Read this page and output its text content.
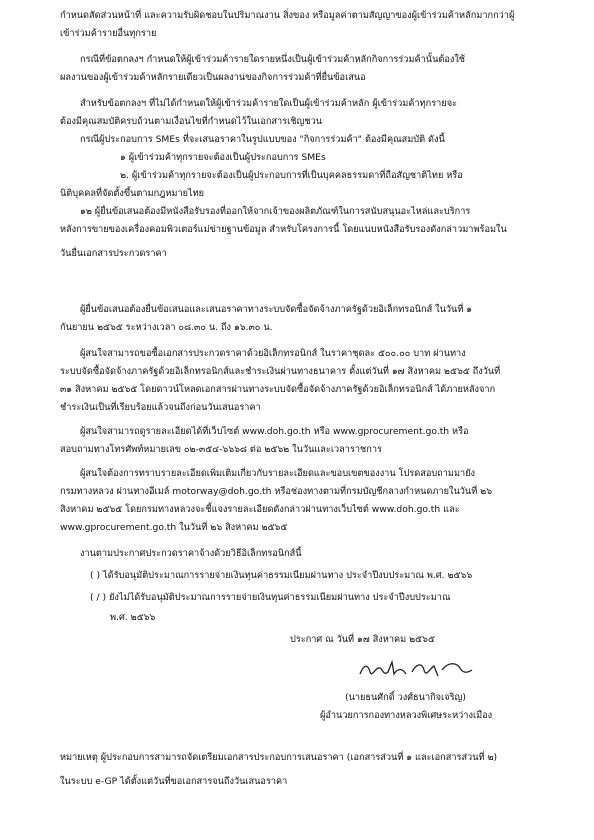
กำหนดสัดส่วนหน้าที่ และความรับผิดชอบในปริมาณงาน สิ่งของ หรือมูลค่าตามสัญญาของผู้เข้าร่วมค้าหลักมากกว่าผู้
เข้าร่วมค้ารายอื่นทุกราย
กรณีที่ข้อตกลงฯ กำหนดให้ผู้เข้าร่วมค้ารายใดรายหนึ่งเป็นผู้เข้าร่วมค้าหลักกิจการร่วมค้านั้นต้องใช้
ผลงานของผู้เข้าร่วมค้าหลักรายเดียวเป็นผลงานของกิจการร่วมค้าที่ยื่นข้อเสนอ
สำหรับข้อตกลงฯ ที่ไม่ได้กำหนดให้ผู้เข้าร่วมค้ารายใดเป็นผู้เข้าร่วมค้าหลัก ผู้เข้าร่วมค้าทุกรายจะ
ต้องมีคุณสมบัติครบถ้วนตามเงื่อนไขที่กำหนดไว้ในเอกสารเชิญชวน
กรณีผู้ประกอบการ SMEs ที่จะเสนอราคาในรูปแบบของ "กิจการร่วมค้า" ต้องมีคุณสมบัติ ดังนี้
๑ ผู้เข้าร่วมค้าทุกรายจะต้องเป็นผู้ประกอบการ SMEs
๒. ผู้เข้าร่วมค้าทุกรายจะต้องเป็นผู้ประกอบการที่เป็นบุคคลธรรมดาที่ถือสัญชาติไทย หรือ
นิติบุคคลที่จัดตั้งขึ้นตามกฎหมายไทย
๑๒ ผู้ยื่นข้อเสนอต้องมีหนังสือรับรองที่ออกให้จากเจ้าของผลิตภัณฑ์ในการสนับสนุนอะไหล่และบริการ
หลังการขายของเครื่องคอมพิวเตอร์แม่ข่ายฐานข้อมูล สำหรับโครงการนี้ โดยแนบหนังสือรับรองดังกล่าวมาพร้อมใน
วันยื่นเอกสารประกวดราคา
ผู้ยื่นข้อเสนอต้องยื่นข้อเสนอและเสนอราคาทางระบบจัดซื้อจัดจ้างภาครัฐด้วยอิเล็กทรอนิกส์ ในวันที่ ๑
กันยายน ๒๕๖๕ ระหว่างเวลา ๐๘.๓๐ น. ถึง ๑๖.๓๐ น.
ผู้สนใจสามารถขอซื้อเอกสารประกวดราคาด้วยอิเล็กทรอนิกส์ ในราคาชุดละ ๕๐๐.๐๐ บาท ผ่านทาง
ระบบจัดซื้อจัดจ้างภาครัฐด้วยอิเล็กทรอนิกส์และชำระเงินผ่านทางธนาคาร ตั้งแต่วันที่ ๑๗ สิงหาคม ๒๕๖๕ ถึงวันที่
๓๑ สิงหาคม ๒๕๖๕ โดยดาวน์โหลดเอกสารผ่านทางระบบจัดซื้อจัดจ้างภาครัฐด้วยอิเล็กทรอนิกส์ ได้ภายหลังจาก
ชำระเงินเป็นที่เรียบร้อยแล้วจนถึงก่อนวันเสนอราคา
ผู้สนใจสามารถดูรายละเอียดได้ที่เว็บไซต์ www.doh.go.th หรือ www.gprocurement.go.th หรือ
สอบถามทางโทรศัพท์หมายเลข ๐๒-๓๕๔-๖๖๖๘ ต่อ ๒๕๖๒ ในวันและเวลาราชการ
ผู้สนใจต้องการทราบรายละเอียดเพิ่มเติมเกี่ยวกับรายละเอียดและขอบเขตของงาน โปรดสอบถามมายัง
กรมทางหลวง ผ่านทางอีเมล์ motorway@doh.go.th หรือช่องทางตามที่กรมบัญชีกลางกำหนดภายในวันที่ ๒๖
สิงหาคม ๒๕๖๕ โดยกรมทางหลวงจะชี้แจงรายละเอียดดังกล่าวผ่านทางเว็บไซต์ www.doh.go.th และ
www.gprocurement.go.th ในวันที่ ๒๖ สิงหาคม ๒๕๖๕
งานตามประกาศประกวดราคาจ้างด้วยวิธีอิเล็กทรอนิกส์นี้
( ) ได้รับอนุมัติประมาณการรายจ่ายเงินทุนค่าธรรมเนียมผ่านทาง ประจำปีงบประมาณ พ.ศ. ๒๕๖๖
( / ) ยังไม่ได้รับอนุมัติประมาณการรายจ่ายเงินทุนค่าธรรมเนียมผ่านทาง ประจำปีงบประมาณ
พ.ศ. ๒๕๖๖
ประกาศ ณ วันที่ ๑๗ สิงหาคม ๒๕๖๕
(นายธนศักดิ์ วงศ์ธนากิจเจริญ)
ผู้อำนวยการกองทางหลวงพิเศษระหว่างเมือง
หมายเหตุ ผู้ประกอบการสามารถจัดเตรียมเอกสารประกอบการเสนอราคา (เอกสารส่วนที่ ๑ และเอกสารส่วนที่ ๒)
ในระบบ e-GP ได้ตั้งแต่วันที่ขอเอกสารจนถึงวันเสนอราคา
